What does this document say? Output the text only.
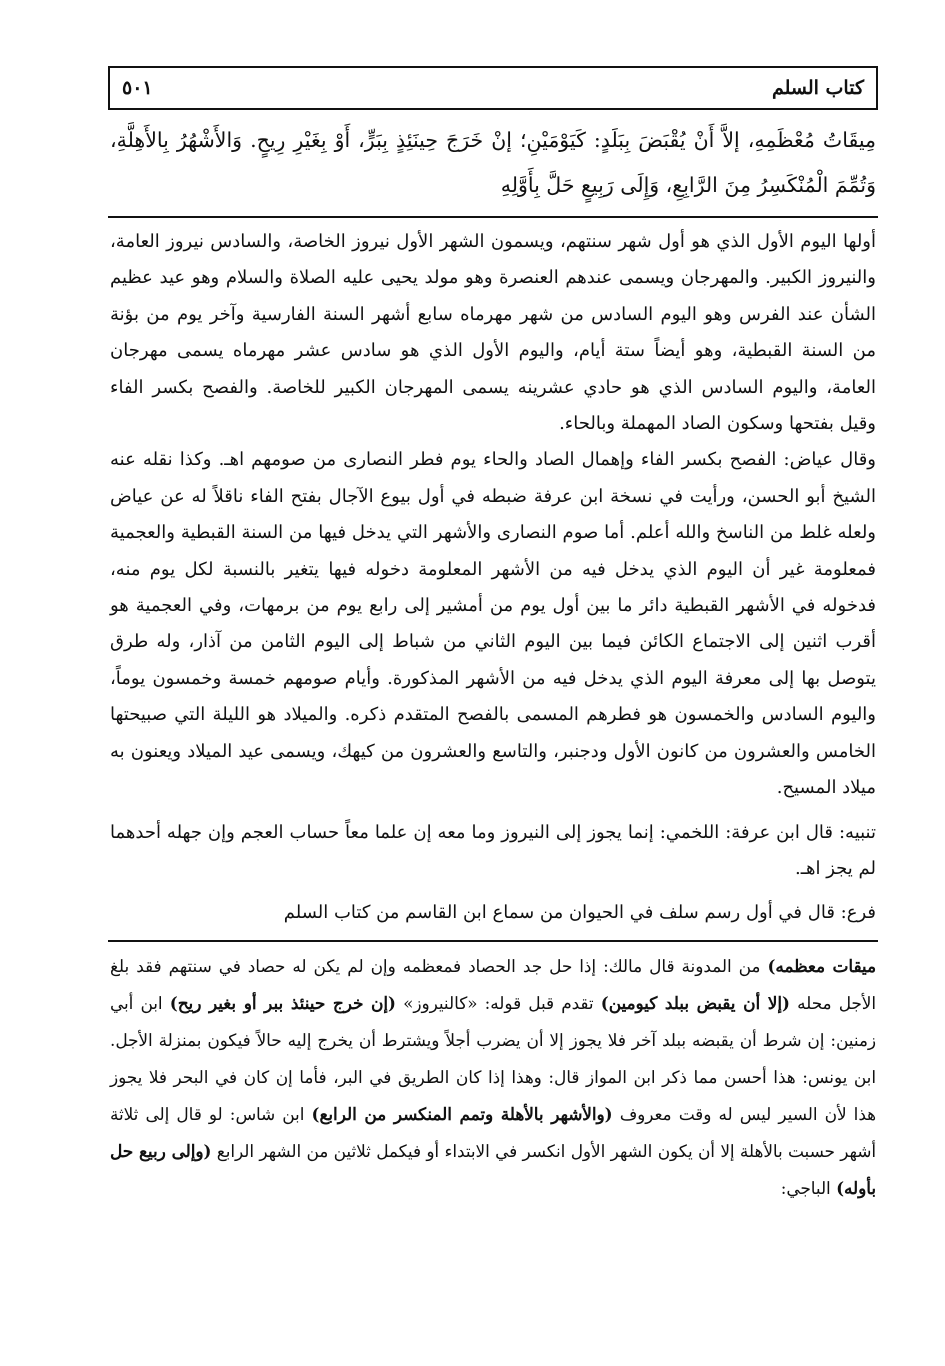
كتاب السلم
٥٠١

مِيقَاتُ مُعْظَمِهِ، إلاَّ أَنْ يُقْبَضَ بِبَلَدٍ: كَيَوْمَيْنِ؛ إنْ خَرَجَ حِينَئِذٍ بِبَرٍّ، أَوْ بِغَيْرِ رِيحٍ. وَالأَشْهُرُ بِالأَهِلَّةِ، وَتُمِّمَ الْمُنْكَسِرُ مِنَ الرَّابِعِ، وَإِلَى رَبِيعٍ حَلَّ بِأَوَّلِهِ

أولها اليوم الأول الذي هو أول شهر سنتهم، ويسمون الشهر الأول نيروز الخاصة، والسادس نيروز العامة، والنيروز الكبير. والمهرجان ويسمى عندهم العنصرة وهو مولد يحيى عليه الصلاة والسلام وهو عيد عظيم الشأن عند الفرس وهو اليوم السادس من شهر مهرماه سابع أشهر السنة الفارسية وآخر يوم من بؤنة من السنة القبطية، وهو أيضاً ستة أيام، واليوم الأول الذي هو سادس عشر مهرماه يسمى مهرجان العامة، واليوم السادس الذي هو حادي عشرينه يسمى المهرجان الكبير للخاصة. والفصح بكسر الفاء وقيل بفتحها وسكون الصاد المهملة وبالحاء.

وقال عياض: الفصح بكسر الفاء وإهمال الصاد والحاء يوم فطر النصارى من صومهم اهـ. وكذا نقله عنه الشيخ أبو الحسن، ورأيت في نسخة ابن عرفة ضبطه في أول بيوع الآجال بفتح الفاء ناقلاً له عن عياض ولعله غلط من الناسخ والله أعلم. أما صوم النصارى والأشهر التي يدخل فيها من السنة القبطية والعجمية فمعلومة غير أن اليوم الذي يدخل فيه من الأشهر المعلومة دخوله فيها يتغير بالنسبة لكل يوم منه، فدخوله في الأشهر القبطية دائر ما بين أول يوم من أمشير إلى رابع يوم من برمهات، وفي العجمية هو أقرب اثنين إلى الاجتماع الكائن فيما بين اليوم الثاني من شباط إلى اليوم الثامن من آذار، وله طرق يتوصل بها إلى معرفة اليوم الذي يدخل فيه من الأشهر المذكورة. وأيام صومهم خمسة وخمسون يوماً، واليوم السادس والخمسون هو فطرهم المسمى بالفصح المتقدم ذكره. والميلاد هو الليلة التي صبيحتها الخامس والعشرون من كانون الأول ودجنبر، والتاسع والعشرون من كيهك، ويسمى عيد الميلاد ويعنون به ميلاد المسيح.

تنبيه: قال ابن عرفة: اللخمي: إنما يجوز إلى النيروز وما معه إن علما معاً حساب العجم وإن جهله أحدهما لم يجز اهـ.

فرع: قال في أول رسم سلف في الحيوان من سماع ابن القاسم من كتاب السلم

ميقات معظمه) من المدونة قال مالك: إذا حل جد الحصاد فمعظمه وإن لم يكن له حصاد في سنتهم فقد بلغ الأجل محله (إلا أن يقبض ببلد كيومين) تقدم قبل قوله: «كالنيروز» (إن خرج حينئذ ببر أو بغير ريح) ابن أبي زمنين: إن شرط أن يقبضه ببلد آخر فلا يجوز إلا أن يضرب أجلاً ويشترط أن يخرج إليه حالاً فيكون بمنزلة الأجل. ابن يونس: هذا أحسن مما ذكر ابن المواز قال: وهذا إذا كان الطريق في البر، فأما إن كان في البحر فلا يجوز هذا لأن السير ليس له وقت معروف (والأشهر بالأهلة وتمم المنكسر من الرابع) ابن شاس: لو قال إلى ثلاثة أشهر حسبت بالأهلة إلا أن يكون الشهر الأول انكسر في الابتداء أو فيكمل ثلاثين من الشهر الرابع (وإلى ربيع حل بأوله) الباجي:
